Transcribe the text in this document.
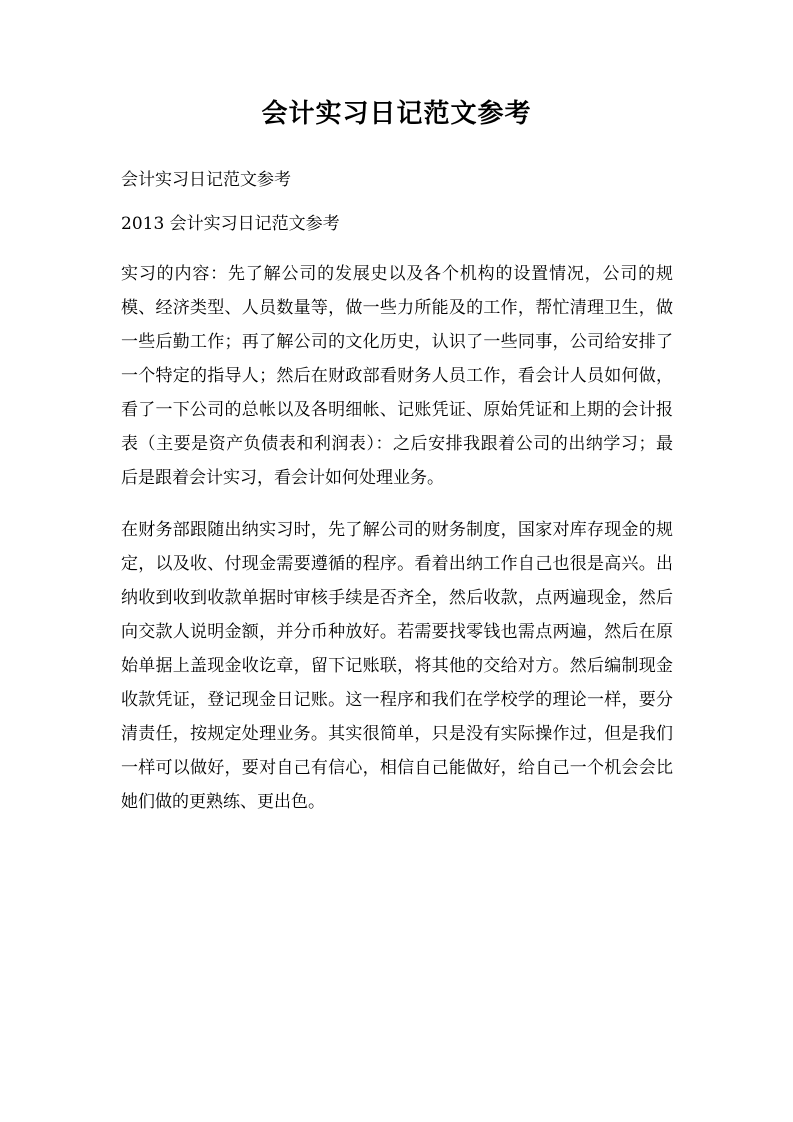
会计实习日记范文参考

会计实习日记范文参考

2013 会计实习日记范文参考

实习的内容：先了解公司的发展史以及各个机构的设置情况，公司的规模、经济类型、人员数量等，做一些力所能及的工作，帮忙清理卫生，做一些后勤工作；再了解公司的文化历史，认识了一些同事，公司给安排了一个特定的指导人；然后在财政部看财务人员工作，看会计人员如何做，看了一下公司的总帐以及各明细帐、记账凭证、原始凭证和上期的会计报表（主要是资产负债表和利润表）：之后安排我跟着公司的出纳学习；最后是跟着会计实习，看会计如何处理业务。

在财务部跟随出纳实习时，先了解公司的财务制度，国家对库存现金的规定，以及收、付现金需要遵循的程序。看着出纳工作自己也很是高兴。出纳收到收到收款单据时审核手续是否齐全，然后收款，点两遍现金，然后向交款人说明金额，并分币种放好。若需要找零钱也需点两遍，然后在原始单据上盖现金收讫章，留下记账联，将其他的交给对方。然后编制现金收款凭证，登记现金日记账。这一程序和我们在学校学的理论一样，要分清责任，按规定处理业务。其实很简单，只是没有实际操作过，但是我们一样可以做好，要对自己有信心，相信自己能做好，给自己一个机会会比她们做的更熟练、更出色。
